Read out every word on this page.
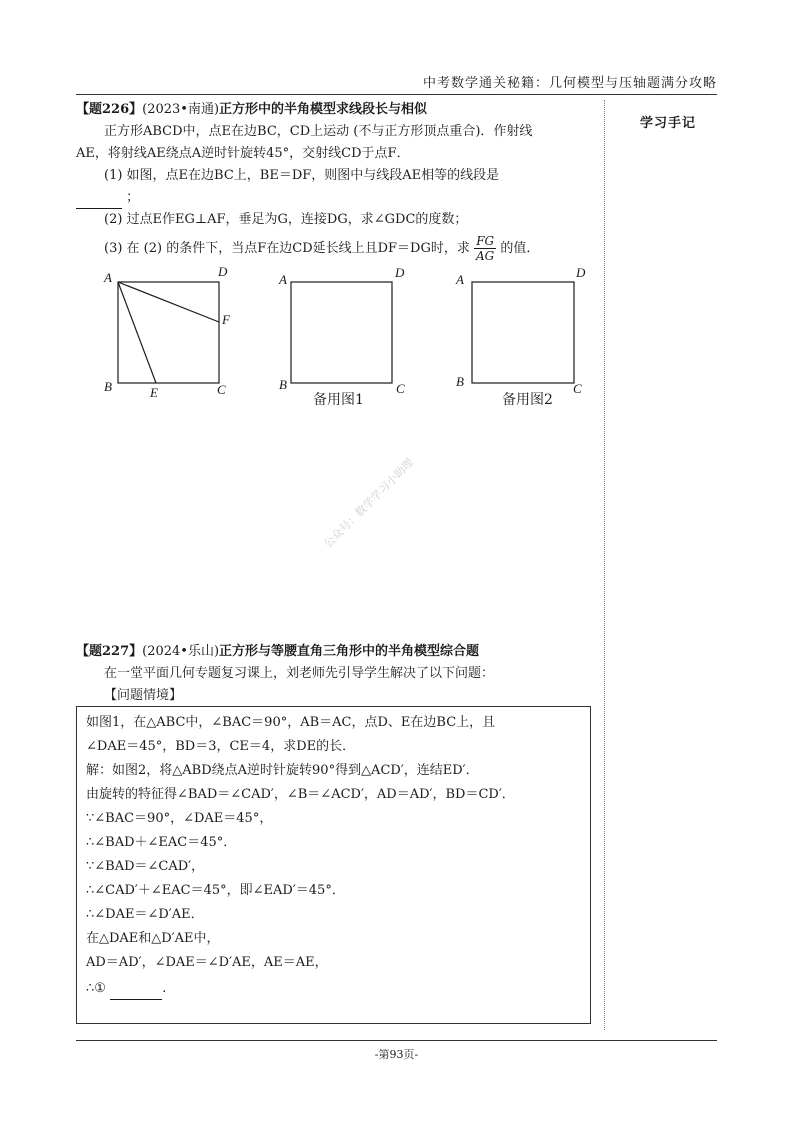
中考数学通关秘籍：几何模型与压轴题满分攻略
学习手记
【题226】(2023•南通)正方形中的半角模型求线段长与相似
正方形ABCD中，点E在边BC，CD上运动 (不与正方形顶点重合)．作射线
AE，将射线AE绕点A逆时针旋转45°，交射线CD于点F．
(1) 如图，点E在边BC上，BE＝DF，则图中与线段AE相等的线段是
；
(2) 过点E作EG⊥AF，垂足为G，连接DG，求∠GDC的度数；
(3) 在 (2) 的条件下，当点F在边CD延长线上且DF＝DG时，求 $\frac{FG}{AG}$ 的值．
A	D
F
B	E	C
A	D
B	C
备用图1
A	D
B	C
备用图2
公众号：数学学习小助理
【题227】(2024•乐山)正方形与等腰直角三角形中的半角模型综合题
在一堂平面几何专题复习课上，刘老师先引导学生解决了以下问题：
【问题情境】
如图1，在△ABC中，∠BAC＝90°，AB＝AC，点D、E在边BC上，且
∠DAE＝45°，BD＝3，CE＝4，求DE的长．
解：如图2，将△ABD绕点A逆时针旋转90°得到△ACD′，连结ED′．
由旋转的特征得∠BAD＝∠CAD′，∠B＝∠ACD′，AD＝AD′，BD＝CD′．
∵∠BAC＝90°，∠DAE＝45°，
∴∠BAD＋∠EAC＝45°．
∵∠BAD＝∠CAD′，
∴∠CAD′＋∠EAC＝45°，即∠EAD′＝45°．
∴∠DAE＝∠D′AE．
在△DAE和△D′AE中，
AD＝AD′，∠DAE＝∠D′AE，AE＝AE，
∴①	.
-第93页-
